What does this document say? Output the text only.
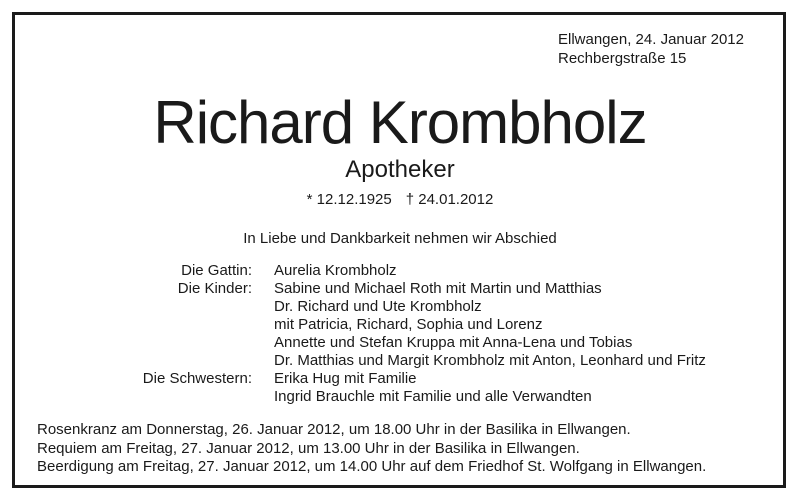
Ellwangen, 24. Januar 2012
Rechbergstraße 15
Richard Krombholz
Apotheker
* 12.12.1925 † 24.01.2012
In Liebe und Dankbarkeit nehmen wir Abschied
Die Gattin: Aurelia Krombholz
Die Kinder: Sabine und Michael Roth mit Martin und Matthias
Dr. Richard und Ute Krombholz
mit Patricia, Richard, Sophia und Lorenz
Annette und Stefan Kruppa mit Anna-Lena und Tobias
Dr. Matthias und Margit Krombholz mit Anton, Leonhard und Fritz
Die Schwestern: Erika Hug mit Familie
Ingrid Brauchle mit Familie und alle Verwandten
Rosenkranz am Donnerstag, 26. Januar 2012, um 18.00 Uhr in der Basilika in Ellwangen.
Requiem am Freitag, 27. Januar 2012, um 13.00 Uhr in der Basilika in Ellwangen.
Beerdigung am Freitag, 27. Januar 2012, um 14.00 Uhr auf dem Friedhof St. Wolfgang in Ellwangen.
